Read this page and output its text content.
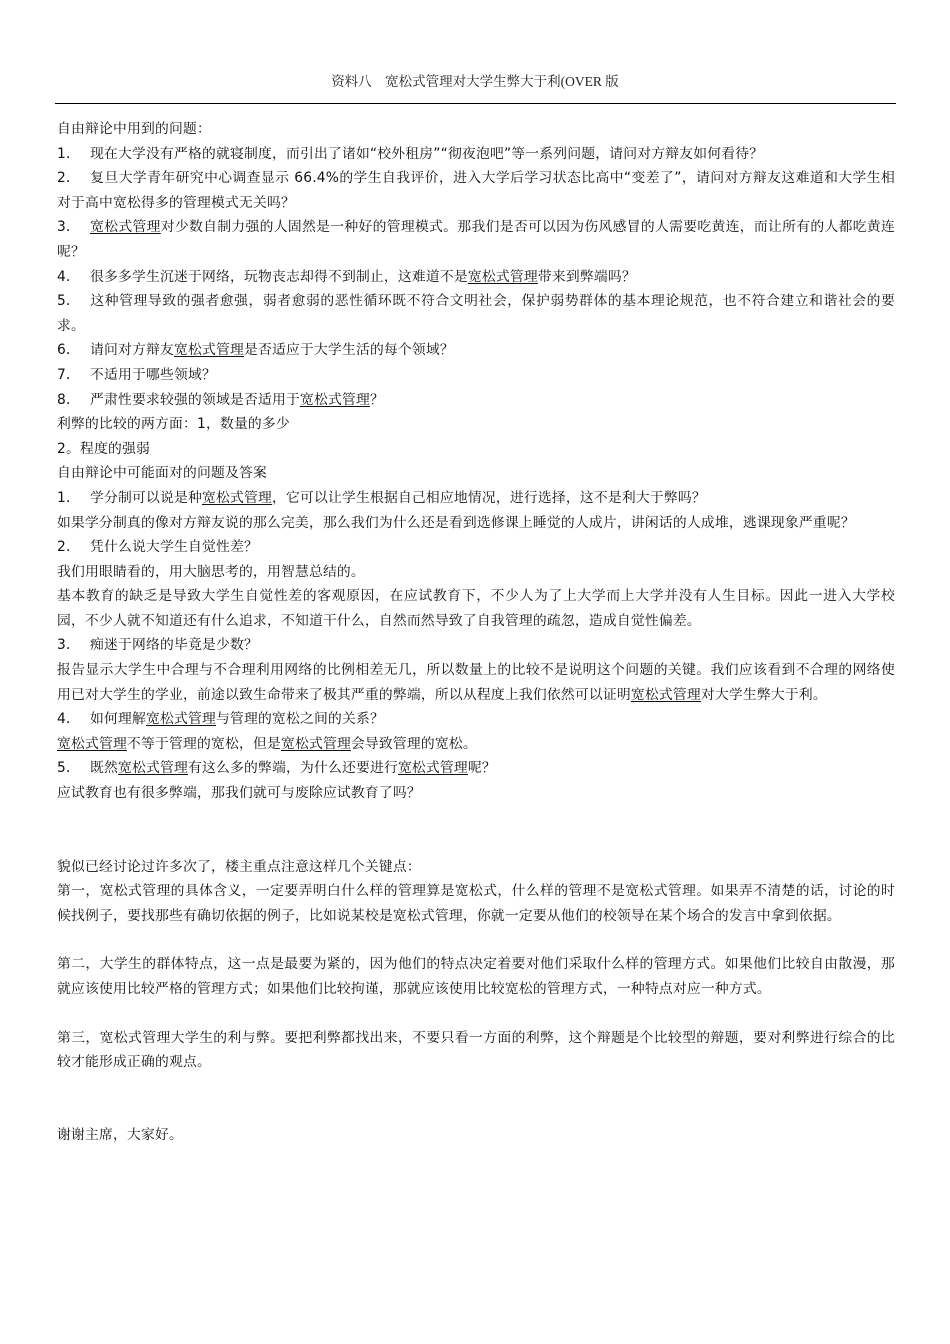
资料八　宽松式管理对大学生弊大于利(OVER 版

自由辩论中用到的问题：

1． 现在大学没有严格的就寝制度，而引出了诸如“校外租房”“彻夜泡吧”等一系列问题，请问对方辩友如何看待？

2． 复旦大学青年研究中心调查显示 66.4%的学生自我评价，进入大学后学习状态比高中“变差了”，请问对方辩友这难道和大学生相对于高中宽松得多的管理模式无关吗？

3． 宽松式管理对少数自制力强的人固然是一种好的管理模式。那我们是否可以因为伤风感冒的人需要吃黄连，而让所有的人都吃黄连呢？

4． 很多多学生沉迷于网络，玩物丧志却得不到制止，这难道不是宽松式管理带来到弊端吗？

5． 这种管理导致的强者愈强，弱者愈弱的恶性循环既不符合文明社会，保护弱势群体的基本理论规范，也不符合建立和谐社会的要求。

6． 请问对方辩友宽松式管理是否适应于大学生活的每个领域？

7． 不适用于哪些领域？

8． 严肃性要求较强的领域是否适用于宽松式管理？

利弊的比较的两方面：1，数量的多少

2。程度的强弱

自由辩论中可能面对的问题及答案

1． 学分制可以说是种宽松式管理，它可以让学生根据自己相应地情况，进行选择，这不是利大于弊吗？

如果学分制真的像对方辩友说的那么完美，那么我们为什么还是看到选修课上睡觉的人成片，讲闲话的人成堆，逃课现象严重呢？

2． 凭什么说大学生自觉性差？

我们用眼睛看的，用大脑思考的，用智慧总结的。

基本教育的缺乏是导致大学生自觉性差的客观原因，在应试教育下，不少人为了上大学而上大学并没有人生目标。因此一进入大学校园，不少人就不知道还有什么追求，不知道干什么，自然而然导致了自我管理的疏忽，造成自觉性偏差。

3． 痴迷于网络的毕竟是少数？

报告显示大学生中合理与不合理利用网络的比例相差无几，所以数量上的比较不是说明这个问题的关键。我们应该看到不合理的网络使用已对大学生的学业，前途以致生命带来了极其严重的弊端，所以从程度上我们依然可以证明宽松式管理对大学生弊大于利。

4． 如何理解宽松式管理与管理的宽松之间的关系？

宽松式管理不等于管理的宽松，但是宽松式管理会导致管理的宽松。

5． 既然宽松式管理有这么多的弊端，为什么还要进行宽松式管理呢？

应试教育也有很多弊端，那我们就可与废除应试教育了吗？

貌似已经讨论过许多次了，楼主重点注意这样几个关键点：

第一，宽松式管理的具体含义，一定要弄明白什么样的管理算是宽松式，什么样的管理不是宽松式管理。如果弄不清楚的话，讨论的时候找例子，要找那些有确切依据的例子，比如说某校是宽松式管理，你就一定要从他们的校领导在某个场合的发言中拿到依据。

第二，大学生的群体特点，这一点是最要为紧的，因为他们的特点决定着要对他们采取什么样的管理方式。如果他们比较自由散漫，那就应该使用比较严格的管理方式；如果他们比较拘谨，那就应该使用比较宽松的管理方式，一种特点对应一种方式。

第三，宽松式管理大学生的利与弊。要把利弊都找出来，不要只看一方面的利弊，这个辩题是个比较型的辩题，要对利弊进行综合的比较才能形成正确的观点。

谢谢主席，大家好。
